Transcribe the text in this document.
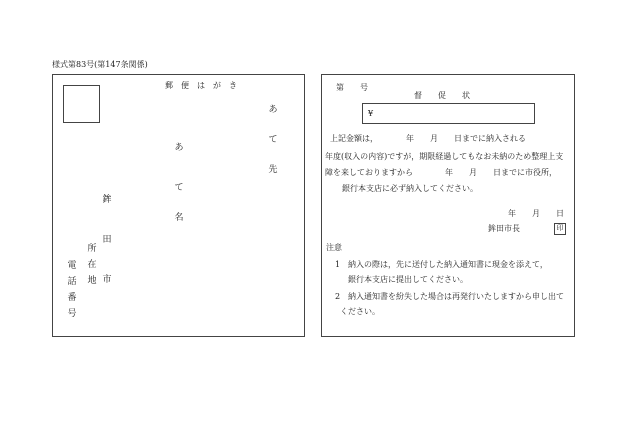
様式第83号(第147条関係)
郵　便　は　が　き
あて先
あて
名
鉾田市
所在地
電話番号
第　　号
督　　促　　状
¥
上記金額は，　　　　年　　月　　日までに納入される
年度(収入の内容)ですが，期限経過してもなお未納のため整理上支
障を来しておりますから　　　　年　　月　　日までに市役所，
銀行本支店に必ず納入してください。
年　　月　　日
鉾田市長	印
注意
1 納入の際は，先に送付した納入通知書に現金を添えて，
銀行本支店に提出してください。
2 納入通知書を紛失した場合は再発行いたしますから申し出て
ください。
